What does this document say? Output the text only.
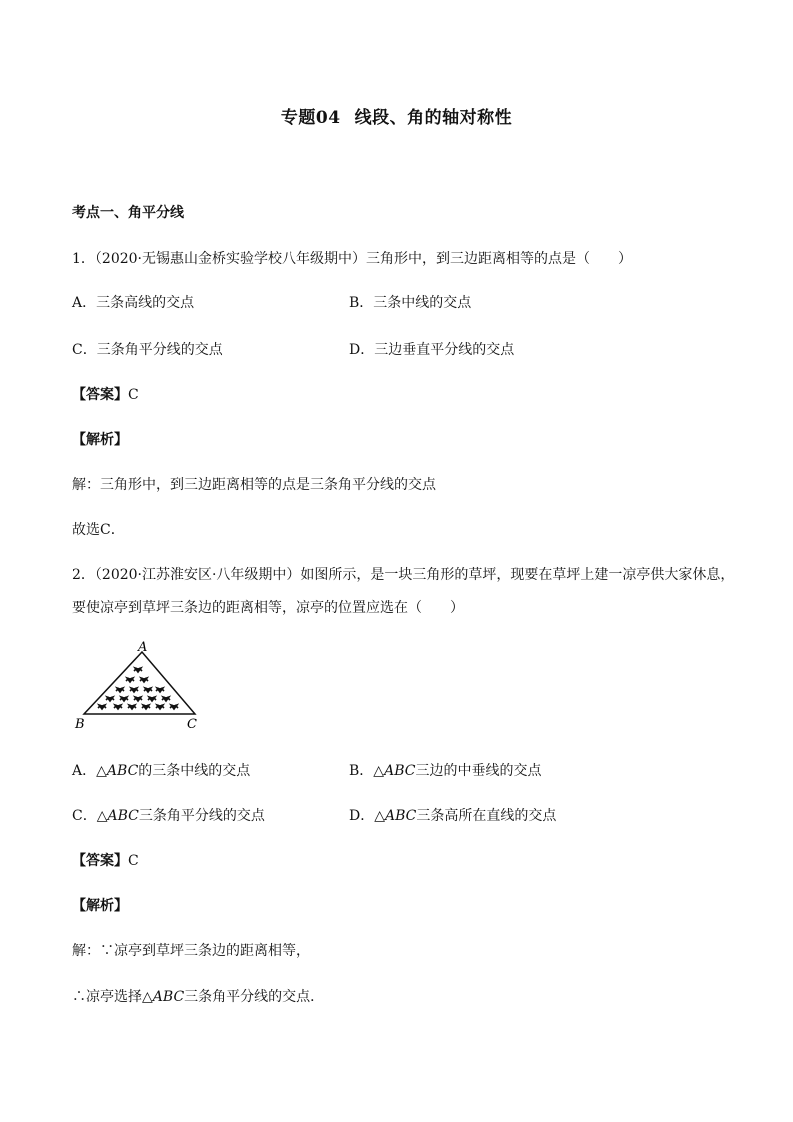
专题04 线段、角的轴对称性
考点一、角平分线
1．（2020·无锡惠山金桥实验学校八年级期中）三角形中，到三边距离相等的点是（　　）
A．三条高线的交点	B．三条中线的交点
C．三条角平分线的交点	D．三边垂直平分线的交点
【答案】C
【解析】
解：三角形中，到三边距离相等的点是三条角平分线的交点
故选C．
2．（2020·江苏淮安区·八年级期中）如图所示，是一块三角形的草坪，现要在草坪上建一凉亭供大家休息，
要使凉亭到草坪三条边的距离相等，凉亭的位置应选在（　　）
A
B	C
A．△ABC的三条中线的交点	B．△ABC三边的中垂线的交点
C．△ABC三条角平分线的交点	D．△ABC三条高所在直线的交点
【答案】C
【解析】
解：∵凉亭到草坪三条边的距离相等，
∴凉亭选择△ABC三条角平分线的交点．
